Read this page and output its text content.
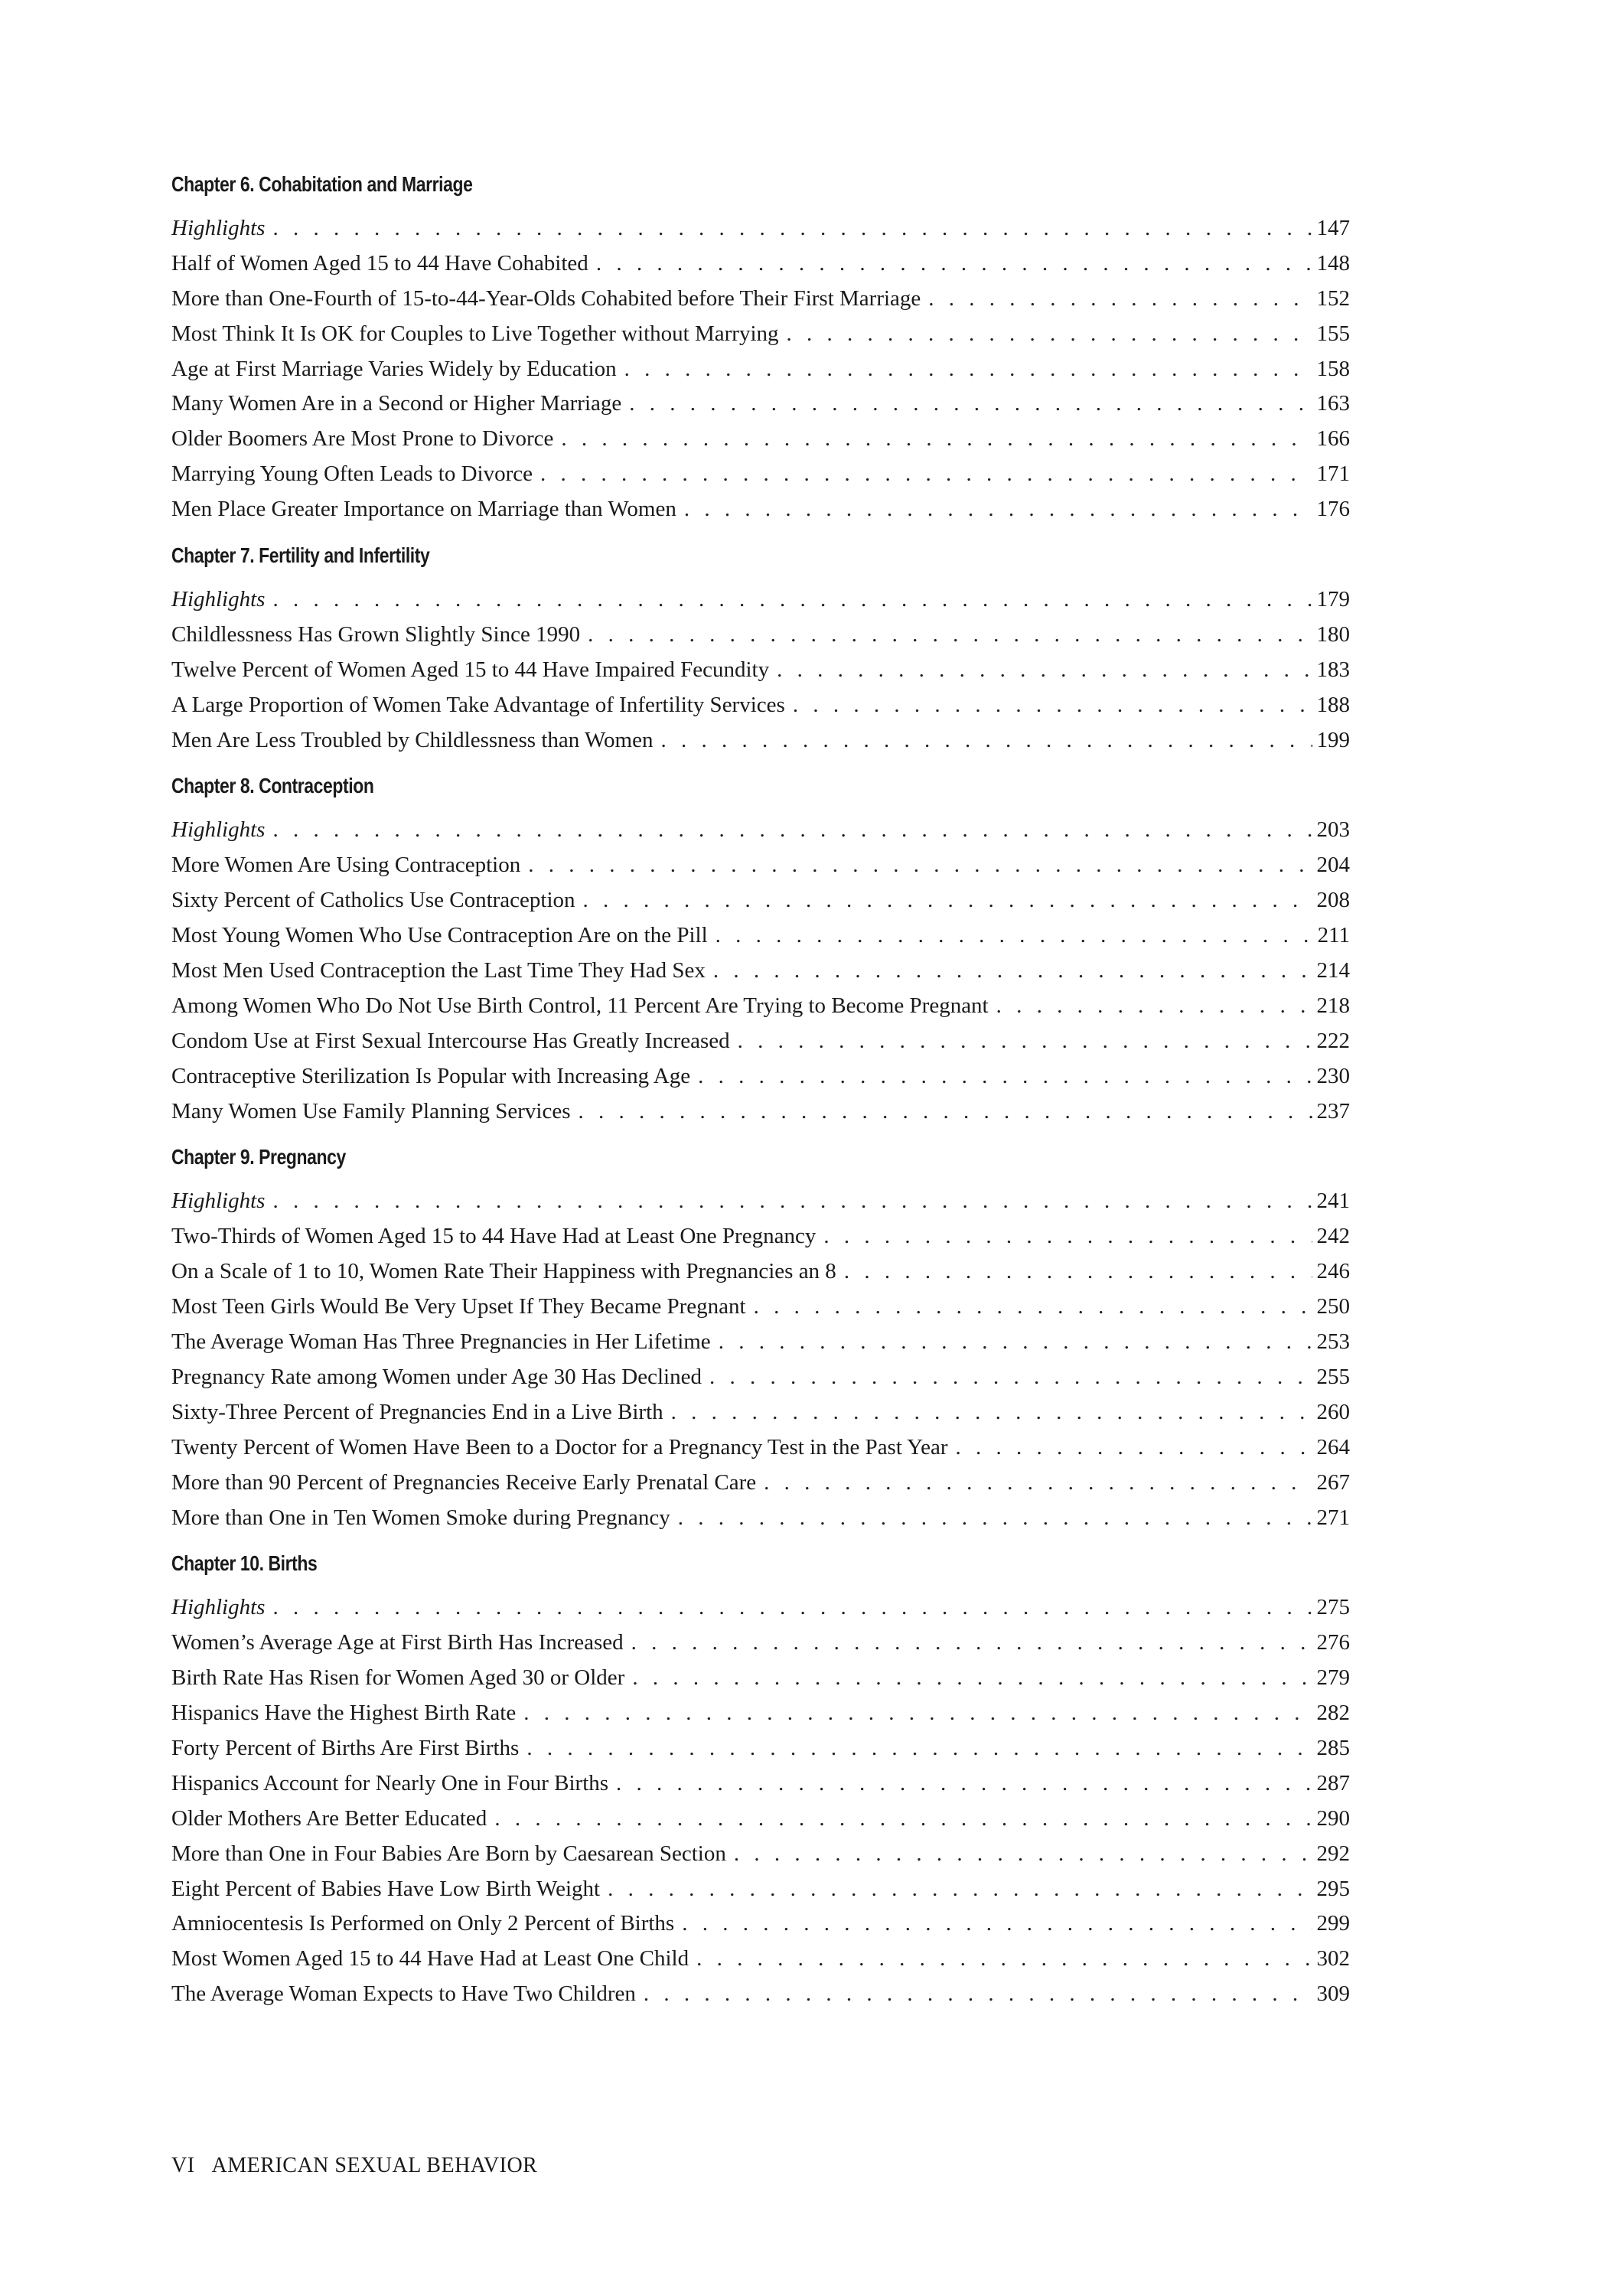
Chapter 6. Cohabitation and Marriage
Highlights . . .	147
Half of Women Aged 15 to 44 Have Cohabited . . .	148
More than One-Fourth of 15-to-44-Year-Olds Cohabited before Their First Marriage . . .	152
Most Think It Is OK for Couples to Live Together without Marrying . . .	155
Age at First Marriage Varies Widely by Education . . .	158
Many Women Are in a Second or Higher Marriage . . .	163
Older Boomers Are Most Prone to Divorce . . .	166
Marrying Young Often Leads to Divorce . . .	171
Men Place Greater Importance on Marriage than Women . . .	176
Chapter 7. Fertility and Infertility
Highlights . . .	179
Childlessness Has Grown Slightly Since 1990 . . .	180
Twelve Percent of Women Aged 15 to 44 Have Impaired Fecundity . . .	183
A Large Proportion of Women Take Advantage of Infertility Services . . .	188
Men Are Less Troubled by Childlessness than Women . . .	199
Chapter 8. Contraception
Highlights . . .	203
More Women Are Using Contraception . . .	204
Sixty Percent of Catholics Use Contraception . . .	208
Most Young Women Who Use Contraception Are on the Pill . . .	211
Most Men Used Contraception the Last Time They Had Sex . . .	214
Among Women Who Do Not Use Birth Control, 11 Percent Are Trying to Become Pregnant . . .	218
Condom Use at First Sexual Intercourse Has Greatly Increased . . .	222
Contraceptive Sterilization Is Popular with Increasing Age . . .	230
Many Women Use Family Planning Services . . .	237
Chapter 9. Pregnancy
Highlights . . .	241
Two-Thirds of Women Aged 15 to 44 Have Had at Least One Pregnancy . . .	242
On a Scale of 1 to 10, Women Rate Their Happiness with Pregnancies an 8 . . .	246
Most Teen Girls Would Be Very Upset If They Became Pregnant . . .	250
The Average Woman Has Three Pregnancies in Her Lifetime . . .	253
Pregnancy Rate among Women under Age 30 Has Declined . . .	255
Sixty-Three Percent of Pregnancies End in a Live Birth . . .	260
Twenty Percent of Women Have Been to a Doctor for a Pregnancy Test in the Past Year . . .	264
More than 90 Percent of Pregnancies Receive Early Prenatal Care . . .	267
More than One in Ten Women Smoke during Pregnancy . . .	271
Chapter 10. Births
Highlights . . .	275
Women’s Average Age at First Birth Has Increased . . .	276
Birth Rate Has Risen for Women Aged 30 or Older . . .	279
Hispanics Have the Highest Birth Rate . . .	282
Forty Percent of Births Are First Births . . .	285
Hispanics Account for Nearly One in Four Births . . .	287
Older Mothers Are Better Educated . . .	290
More than One in Four Babies Are Born by Caesarean Section . . .	292
Eight Percent of Babies Have Low Birth Weight . . .	295
Amniocentesis Is Performed on Only 2 Percent of Births . . .	299
Most Women Aged 15 to 44 Have Had at Least One Child . . .	302
The Average Woman Expects to Have Two Children . . .	309
VI AMERICAN SEXUAL BEHAVIOR
